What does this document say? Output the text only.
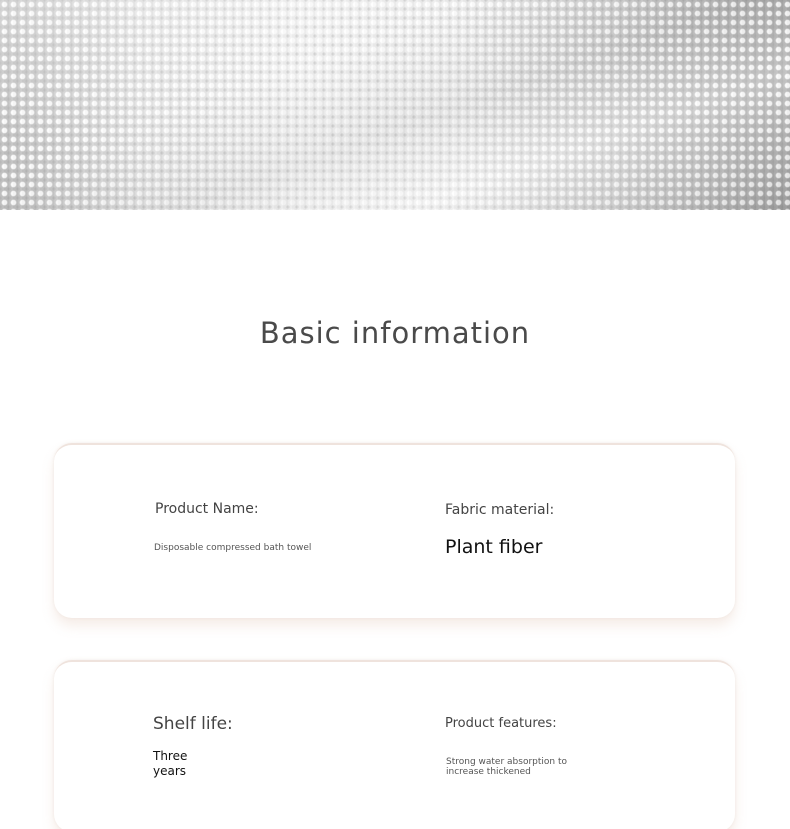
Basic information
Product Name:
Disposable compressed bath towel
Fabric material:
Plant fiber
Shelf life:
Three years
Product features:
Strong water absorption to increase thickened
